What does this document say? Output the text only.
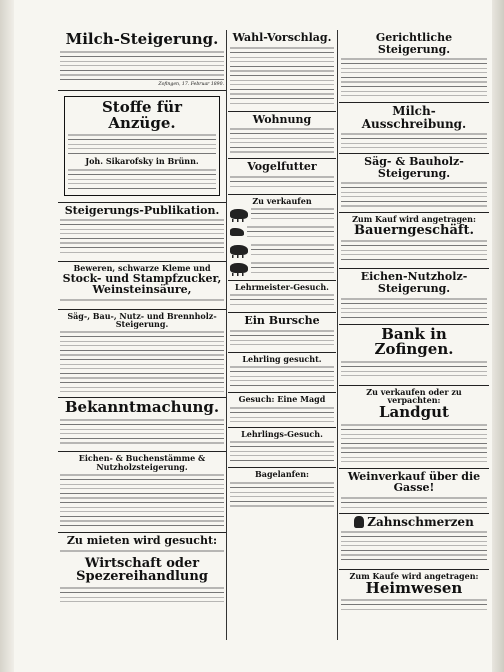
Milch-Steigerung.
Zofingen, 17. Februar 1890.
Stoffe für Anzüge.
Joh. Sikarofsky in Brünn.
Steigerungs-Publikation.
Beweren, schwarze Kleme und
Stock- und Stampfzucker,
Weinsteinsäure,
Säg-, Bau-, Nutz- und Brennholz-Steigerung.
Bekanntmachung.
Eichen- & Buchenstämme & Nutzholzsteigerung.
Zu mieten wird gesucht:
Wirtschaft oder Spezereihandlung
Wahl-Vorschlag.
Wohnung
Vogelfutter
Zu verkaufen
Lehrmeister-Gesuch.
Ein Bursche
Lehrling gesucht.
Gesuch: Eine Magd
Lehrlings-Gesuch.
Bagelanfen:
Gerichtliche Steigerung.
Milch-Ausschreibung.
Säg- & Bauholz-Steigerung.
Zum Kauf wird angetragen:
Bauerngeschäft.
Eichen-Nutzholz-Steigerung.
Bank in Zofingen.
Zu verkaufen oder zu verpachten:
Landgut
Weinverkauf über die Gasse!
Zahnschmerzen
Zum Kaufe wird angetragen:
Heimwesen
